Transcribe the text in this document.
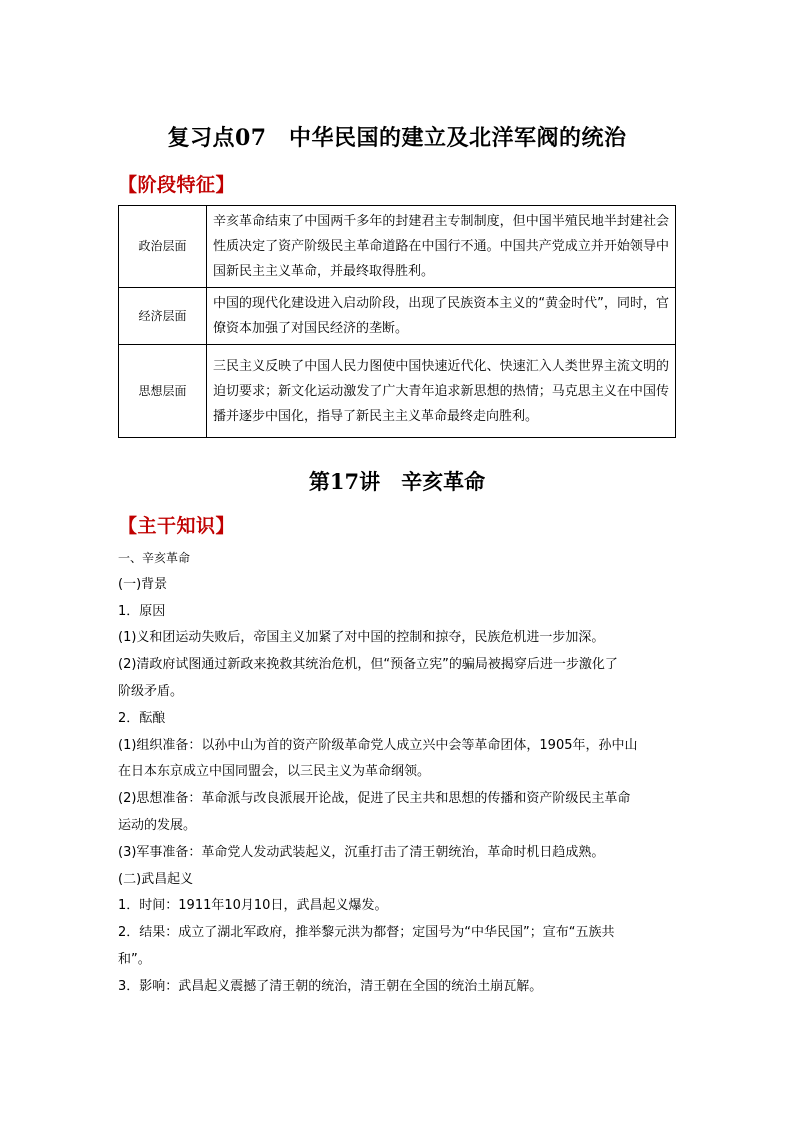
复习点07　中华民国的建立及北洋军阀的统治
【阶段特征】
政治层面	辛亥革命结束了中国两千多年的封建君主专制制度，但中国半殖民地半封建社会性质决定了资产阶级民主革命道路在中国行不通。中国共产党成立并开始领导中国新民主主义革命，并最终取得胜利。
经济层面	中国的现代化建设进入启动阶段，出现了民族资本主义的“黄金时代”，同时，官僚资本加强了对国民经济的垄断。
思想层面	三民主义反映了中国人民力图使中国快速近代化、快速汇入人类世界主流文明的迫切要求；新文化运动激发了广大青年追求新思想的热情；马克思主义在中国传播并逐步中国化，指导了新民主主义革命最终走向胜利。
第17讲　辛亥革命
【主干知识】
一、辛亥革命
(一)背景
1．原因
(1)义和团运动失败后，帝国主义加紧了对中国的控制和掠夺，民族危机进一步加深。
(2)清政府试图通过新政来挽救其统治危机，但“预备立宪”的骗局被揭穿后进一步激化了
阶级矛盾。
2．酝酿
(1)组织准备：以孙中山为首的资产阶级革命党人成立兴中会等革命团体，1905年，孙中山
在日本东京成立中国同盟会，以三民主义为革命纲领。
(2)思想准备：革命派与改良派展开论战，促进了民主共和思想的传播和资产阶级民主革命
运动的发展。
(3)军事准备：革命党人发动武装起义，沉重打击了清王朝统治，革命时机日趋成熟。
(二)武昌起义
1．时间：1911年10月10日，武昌起义爆发。
2．结果：成立了湖北军政府，推举黎元洪为都督；定国号为“中华民国”；宣布“五族共
和”。
3．影响：武昌起义震撼了清王朝的统治，清王朝在全国的统治土崩瓦解。
